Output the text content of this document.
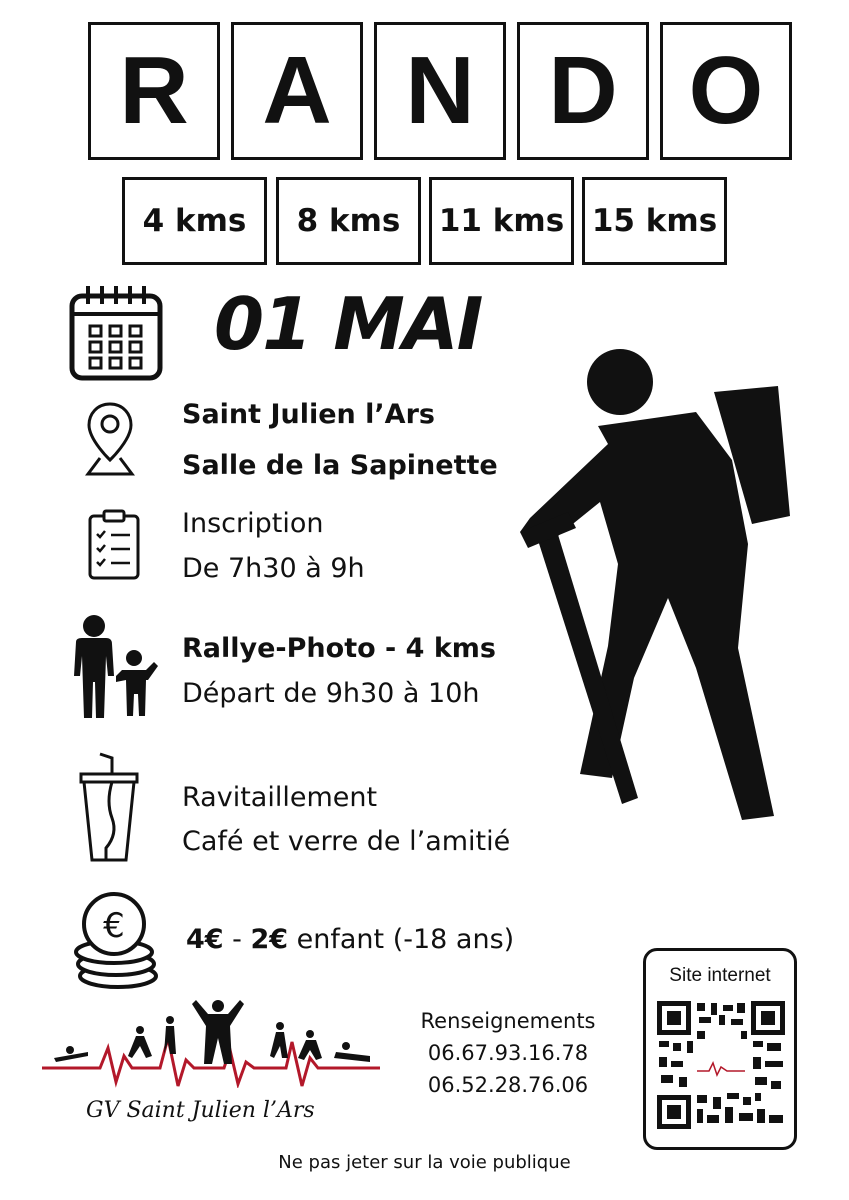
R A N D O
4 kms	8 kms	11 kms 15 kms
01 MAI
Saint Julien l’Ars
Salle de la Sapinette
Inscription
De 7h30 à 9h
Rallye-Photo - 4 kms
Départ de 9h30 à 10h
Ravitaillement
Café et verre de l’amitié
€ 4€ - 2€ enfant (-18 ans)
GV Saint Julien l’Ars
Renseignements
06.67.93.16.78
06.52.28.76.06
Site internet
Ne pas jeter sur la voie publique
